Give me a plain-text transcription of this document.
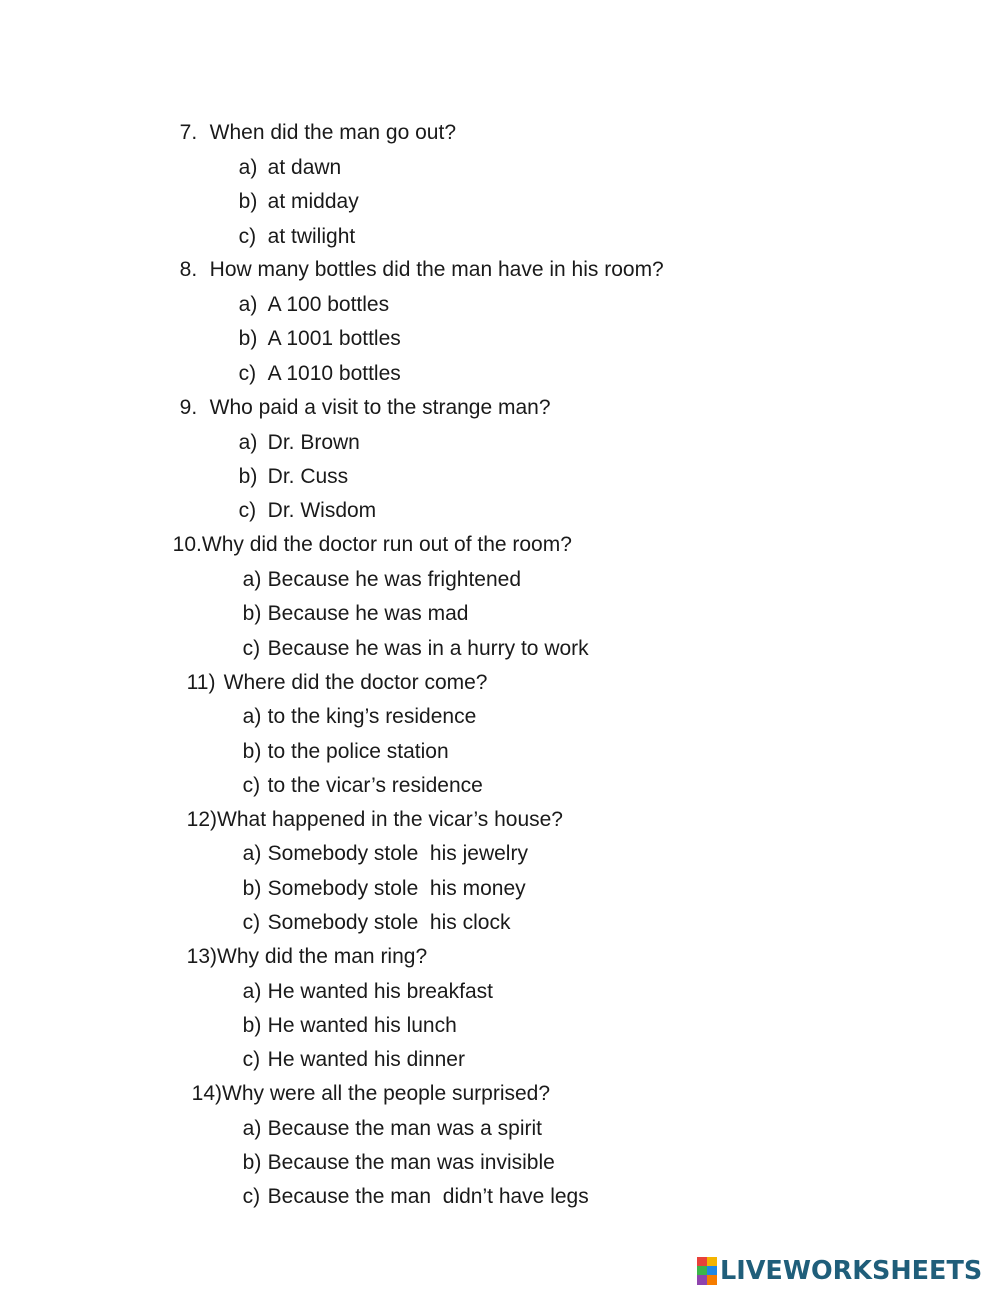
7. When did the man go out?

a) at dawn

b) at midday

c) at twilight

8. How many bottles did the man have in his room?

a) A 100 bottles

b) A 1001 bottles

c) A 1010 bottles

9. Who paid a visit to the strange man?

a) Dr. Brown

b) Dr. Cuss

c) Dr. Wisdom

10.Why did the doctor run out of the room?

a) Because he was frightened

b) Because he was mad

c) Because he was in a hurry to work

11) Where did the doctor come?

a) to the king’s residence

b) to the police station

c) to the vicar’s residence

12)What happened in the vicar’s house?

a) Somebody stole  his jewelry

b) Somebody stole  his money

c) Somebody stole  his clock

13)Why did the man ring?

a) He wanted his breakfast

b) He wanted his lunch

c) He wanted his dinner

14)Why were all the people surprised?

a) Because the man was a spirit

b) Because the man was invisible

c) Because the man  didn’t have legs

LIVEWORKSHEETS
